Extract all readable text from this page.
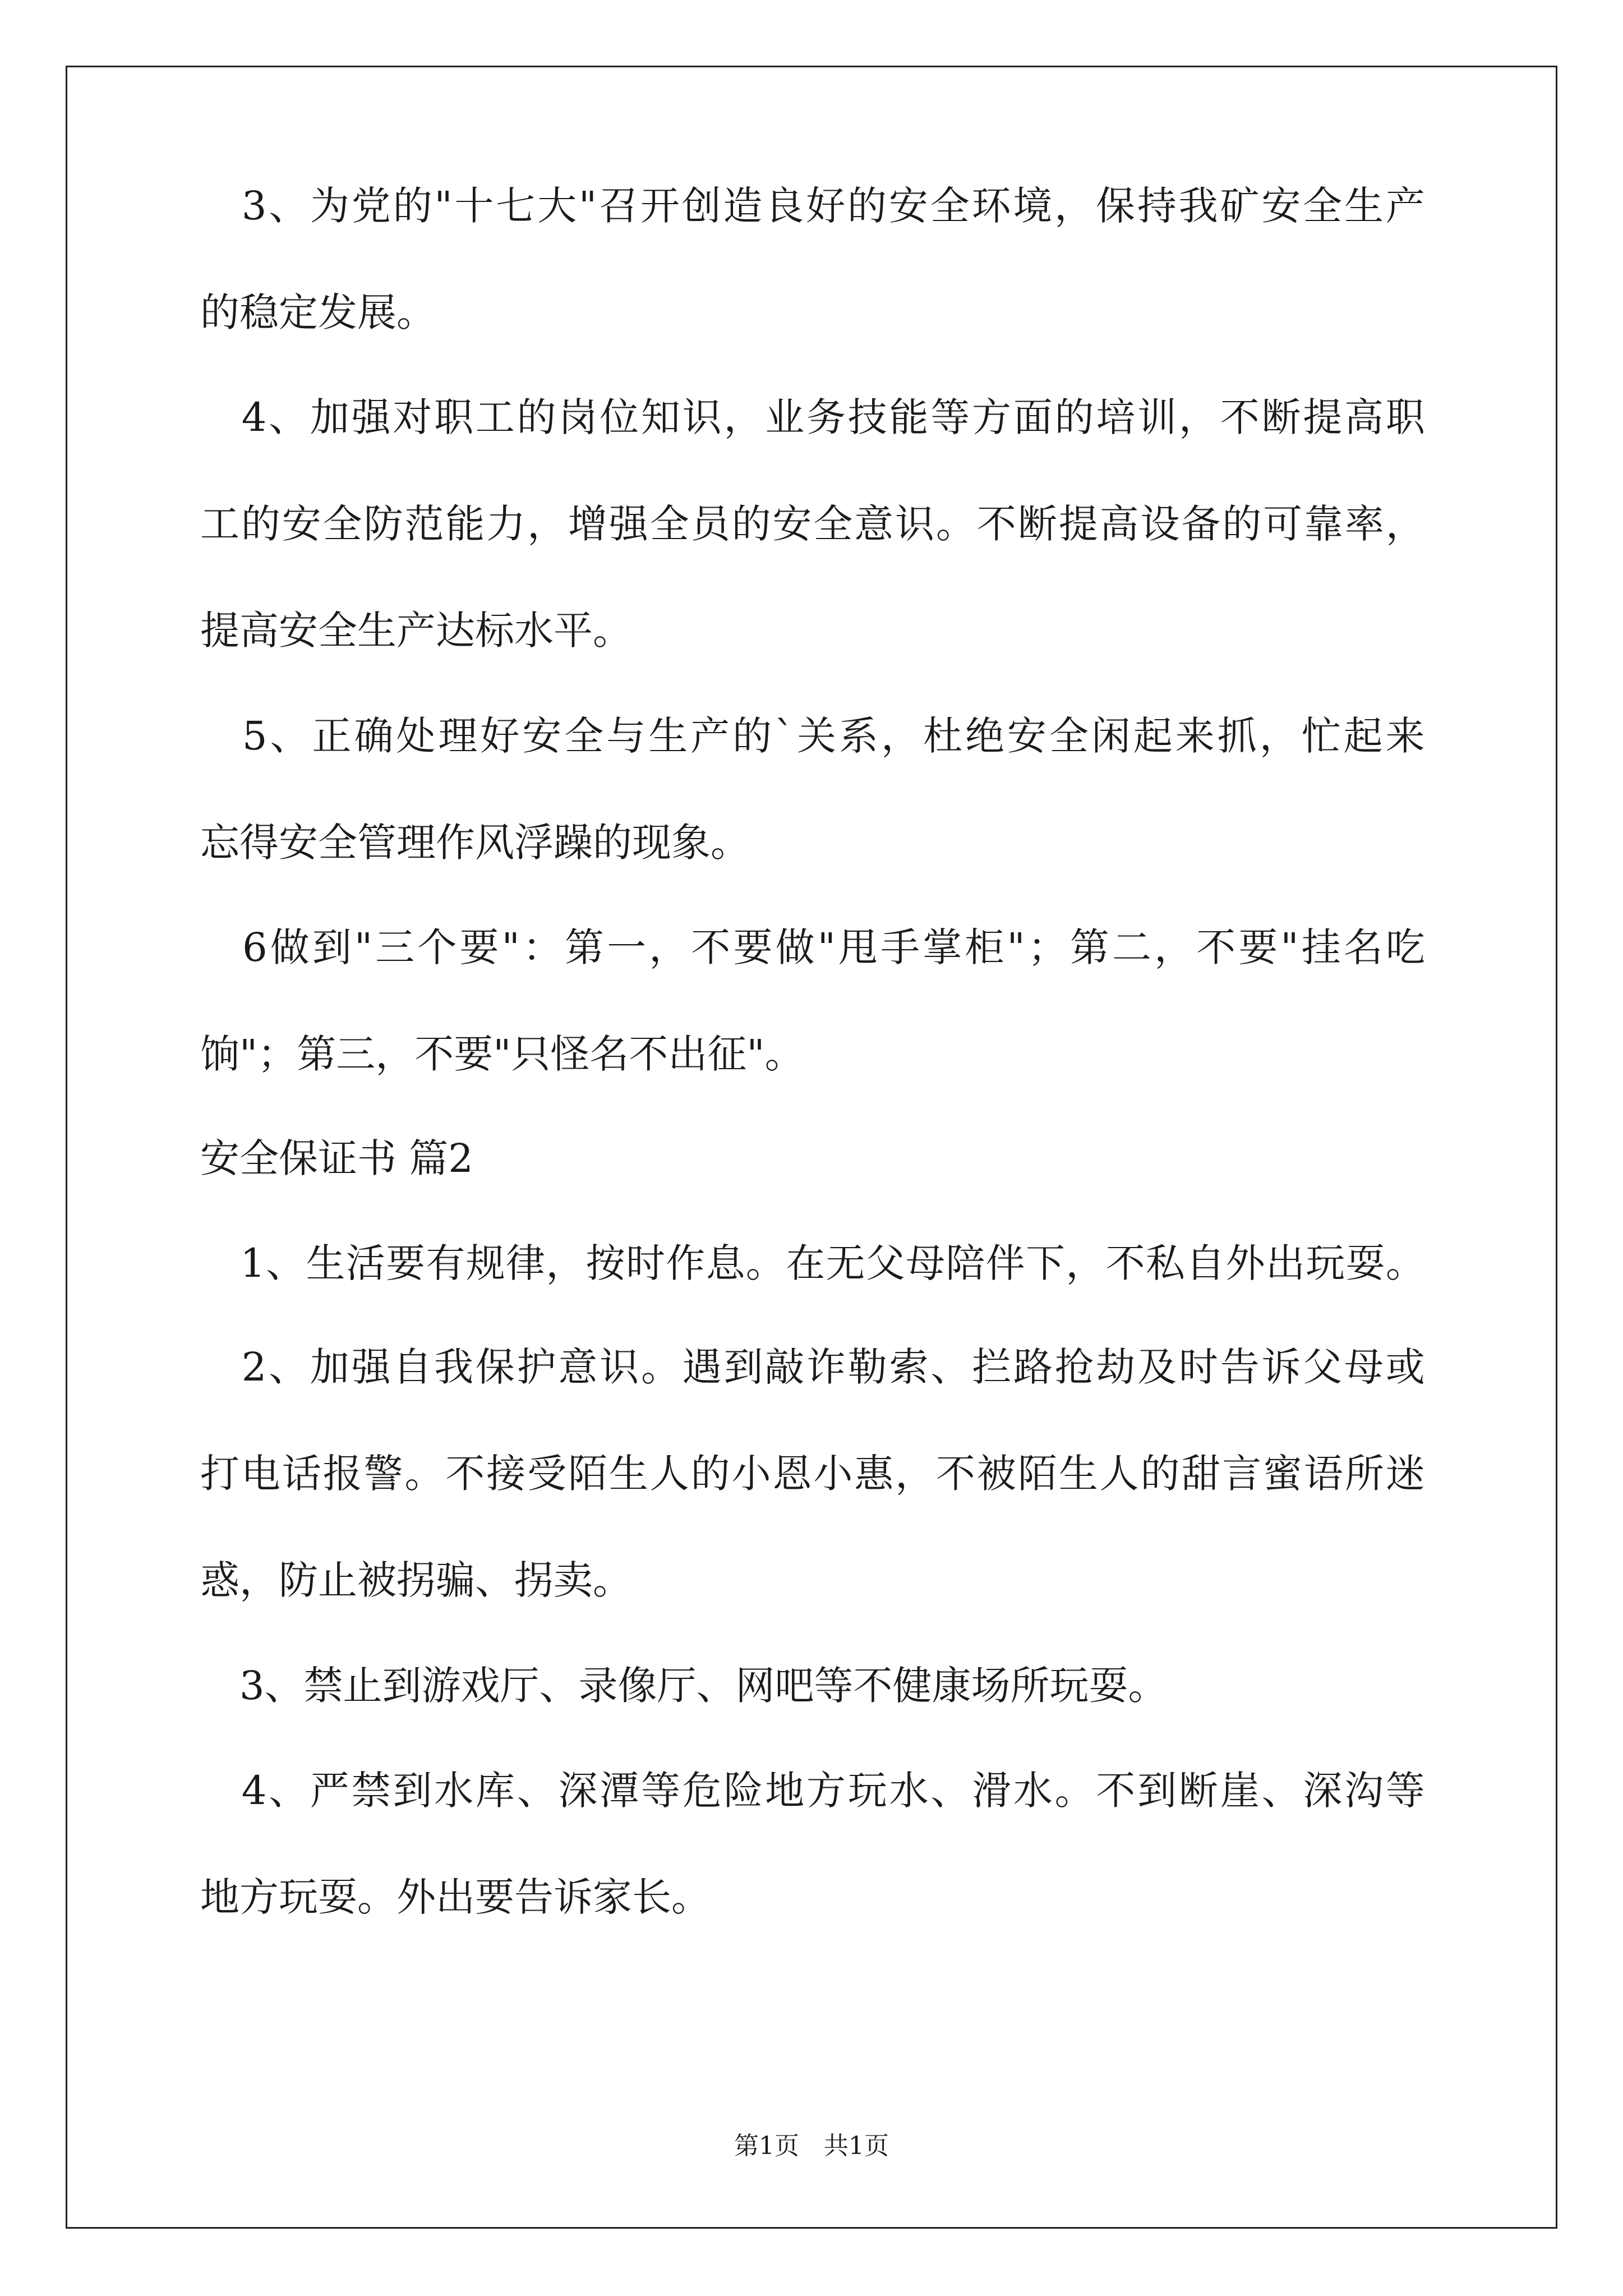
3 、 为 党 的 " 十 七 大 " 召 开 创 造 良 好 的 安 全 环 境 ， 保 持 我 矿 安 全 生 产
的稳定发展。

4 、 加 强 对 职 工 的 岗 位 知 识 ， 业 务 技 能 等 方 面 的 培 训 ， 不 断 提 高 职
工 的 安 全 防 范 能 力 ， 增 强 全 员 的 安 全 意 识 。 不 断 提 高 设 备 的 可 靠 率 ，
提高安全生产达标水平。

5 、 正 确 处 理 好 安 全 与 生 产 的 ` 关 系 ， 杜 绝 安 全 闲 起 来 抓 ， 忙 起 来
忘得安全管理作风浮躁的现象。

6 做 到 " 三 个 要 " ： 第 一 ， 不 要 做 " 甩 手 掌 柜 " ； 第 二 ， 不 要 " 挂 名 吃
饷"；第三，不要"只怪名不出征"。
安全保证书 篇2

1 、 生 活 要 有 规 律 ， 按 时 作 息 。 在 无 父 母 陪 伴 下 ， 不 私 自 外 出 玩 耍 。

2 、 加 强 自 我 保 护 意 识 。 遇 到 敲 诈 勒 索 、 拦 路 抢 劫 及 时 告 诉 父 母 或
打 电 话 报 警 。 不 接 受 陌 生 人 的 小 恩 小 惠 ， 不 被 陌 生 人 的 甜 言 蜜 语 所 迷
惑，防止被拐骗、拐卖。
　3、禁止到游戏厅、录像厅、网吧等不健康场所玩耍。

4 、 严 禁 到 水 库 、 深 潭 等 危 险 地 方 玩 水 、 滑 水 。 不 到 断 崖 、 深 沟 等
地方玩耍。外出要告诉家长。
第1页　共1页
